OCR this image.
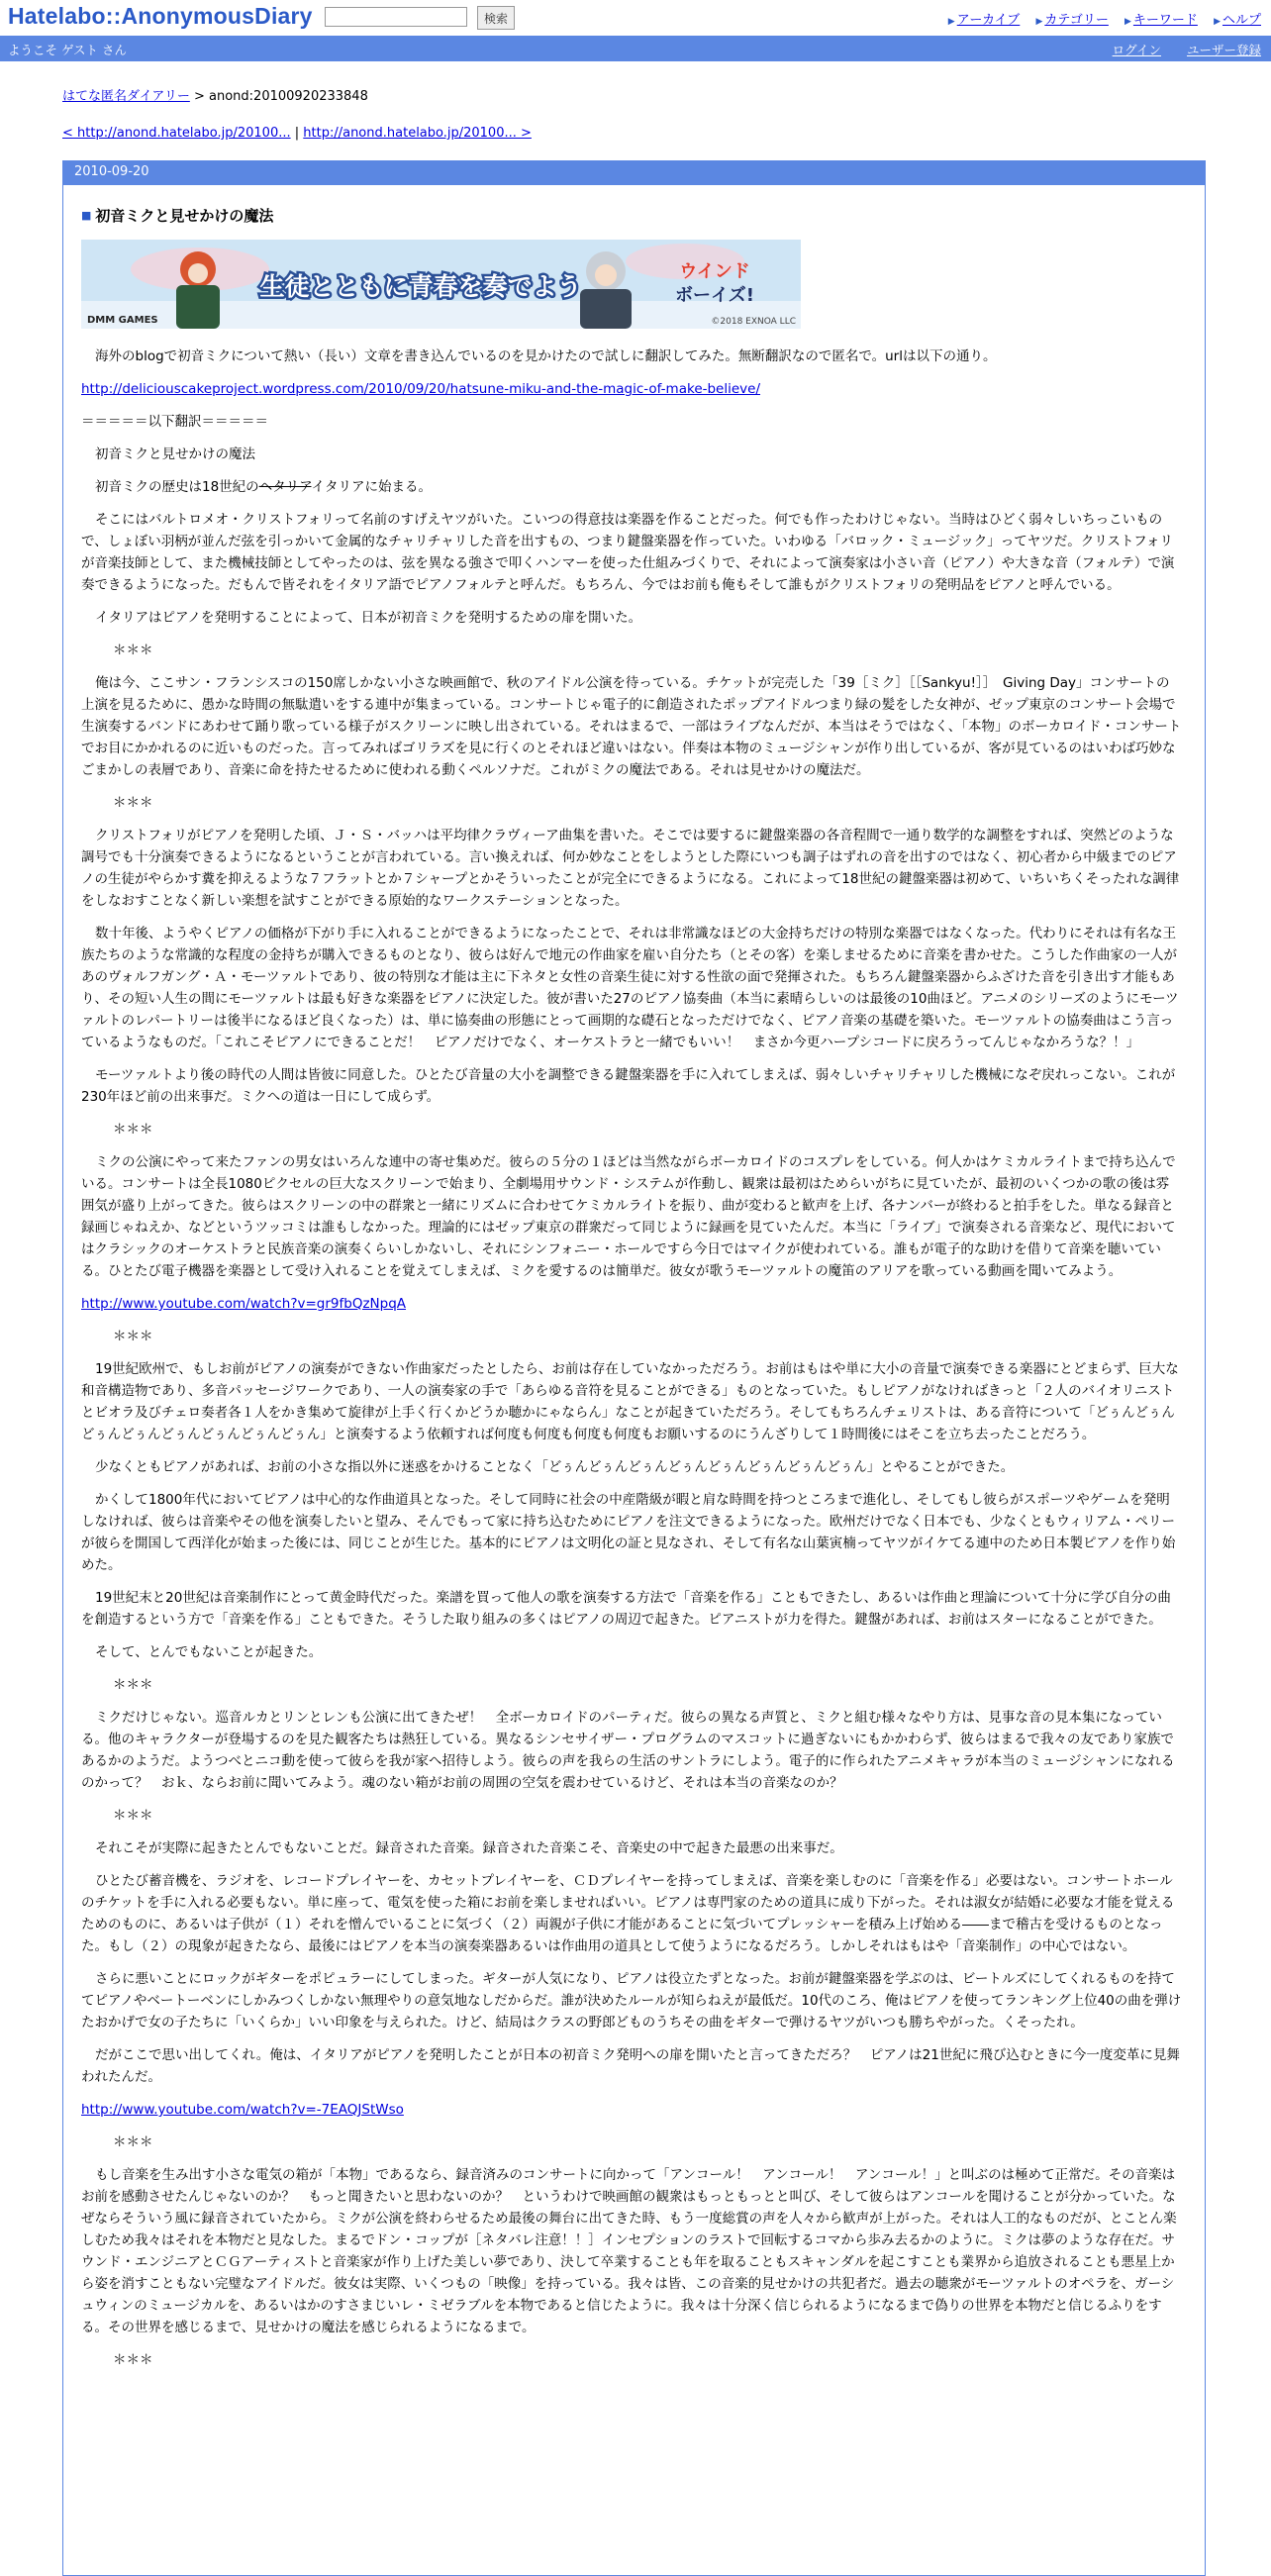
Hatelabo::AnonymousDiary	検索	▶ アーカイブ ▶ カテゴリー ▶ キーワード ▶ ヘルプ
ようこそ ゲスト さん	ログイン ユーザー登録
はてな匿名ダイアリー > anond:20100920233848
< http://anond.hatelabo.jp/20100... | http://anond.hatelabo.jp/20100... >
2010-09-20
■ 初音ミクと見せかけの魔法
生徒とともに青春を奏でよう
ウインド
ボーイズ!
DMM GAMES	©2018 EXNOA LLC
海外のblogで初音ミクについて熱い（長い）文章を書き込んでいるのを見かけたので試しに翻訳してみた。無断翻訳なので匿名で。urlは以下の通り。
http://deliciouscakeproject.wordpress.com/2010/09/20/hatsune-miku-and-the-magic-of-make-believe/
＝＝＝＝＝以下翻訳＝＝＝＝＝
初音ミクと見せかけの魔法
初音ミクの歴史は18世紀のヘタリアイタリアに始まる。
そこにはバルトロメオ・クリストフォリって名前のすげえヤツがいた。こいつの得意技は楽器を作ることだった。何でも作ったわけじゃない。当時はひどく弱々しいちっこいもので、しょぼい羽柄が並んだ弦を引っかいて金属的なチャリチャリした音を出すもの、つまり鍵盤楽器を作っていた。いわゆる「バロック・ミュージック」ってヤツだ。クリストフォリが音楽技師として、また機械技師としてやったのは、弦を異なる強さで叩くハンマーを使った仕組みづくりで、それによって演奏家は小さい音（ピアノ）や大きな音（フォルテ）で演奏できるようになった。だもんで皆それをイタリア語でピアノフォルテと呼んだ。もちろん、今ではお前も俺もそして誰もがクリストフォリの発明品をピアノと呼んでいる。
イタリアはピアノを発明することによって、日本が初音ミクを発明するための扉を開いた。
＊＊＊
俺は今、ここサン・フランシスコの150席しかない小さな映画館で、秋のアイドル公演を待っている。チケットが完売した「39［ミク］［［Sankyu!］］　Giving Day」コンサートの上演を見るために、愚かな時間の無駄遣いをする連中が集まっている。コンサートじゃ電子的に創造されたポップアイドルつまり緑の髪をした女神が、ゼップ東京のコンサート会場で生演奏するバンドにあわせて踊り歌っている様子がスクリーンに映し出されている。それはまるで、一部はライブなんだが、本当はそうではなく、「本物」のボーカロイド・コンサートでお目にかかれるのに近いものだった。言ってみればゴリラズを見に行くのとそれほど違いはない。伴奏は本物のミュージシャンが作り出しているが、客が見ているのはいわば巧妙なごまかしの表層であり、音楽に命を持たせるために使われる動くペルソナだ。これがミクの魔法である。それは見せかけの魔法だ。
＊＊＊
クリストフォリがピアノを発明した頃、Ｊ・Ｓ・バッハは平均律クラヴィーア曲集を書いた。そこでは要するに鍵盤楽器の各音程間で一通り数学的な調整をすれば、突然どのような調号でも十分演奏できるようになるということが言われている。言い換えれば、何か妙なことをしようとした際にいつも調子はずれの音を出すのではなく、初心者から中級までのピアノの生徒がやらかす糞を抑えるような７フラットとか７シャープとかそういったことが完全にできるようになる。これによって18世紀の鍵盤楽器は初めて、いちいちくそったれな調律をしなおすことなく新しい楽想を試すことができる原始的なワークステーションとなった。
数十年後、ようやくピアノの価格が下がり手に入れることができるようになったことで、それは非常識なほどの大金持ちだけの特別な楽器ではなくなった。代わりにそれは有名な王族たちのような常識的な程度の金持ちが購入できるものとなり、彼らは好んで地元の作曲家を雇い自分たち（とその客）を楽しませるために音楽を書かせた。こうした作曲家の一人があのヴォルフガング・Ａ・モーツァルトであり、彼の特別な才能は主に下ネタと女性の音楽生徒に対する性欲の面で発揮された。もちろん鍵盤楽器からふざけた音を引き出す才能もあり、その短い人生の間にモーツァルトは最も好きな楽器をピアノに決定した。彼が書いた27のピアノ協奏曲（本当に素晴らしいのは最後の10曲ほど。アニメのシリーズのようにモーツァルトのレパートリーは後半になるほど良くなった）は、単に協奏曲の形態にとって画期的な礎石となっただけでなく、ピアノ音楽の基礎を築いた。モーツァルトの協奏曲はこう言っているようなものだ。「これこそピアノにできることだ！　ピアノだけでなく、オーケストラと一緒でもいい！　まさか今更ハープシコードに戻ろうってんじゃなかろうな？！」
モーツァルトより後の時代の人間は皆彼に同意した。ひとたび音量の大小を調整できる鍵盤楽器を手に入れてしまえば、弱々しいチャリチャリした機械になぞ戻れっこない。これが230年ほど前の出来事だ。ミクへの道は一日にして成らず。
＊＊＊
ミクの公演にやって来たファンの男女はいろんな連中の寄せ集めだ。彼らの５分の１ほどは当然ながらボーカロイドのコスプレをしている。何人かはケミカルライトまで持ち込んでいる。コンサートは全長1080ピクセルの巨大なスクリーンで始まり、全劇場用サウンド・システムが作動し、観衆は最初はためらいがちに見ていたが、最初のいくつかの歌の後は雰囲気が盛り上がってきた。彼らはスクリーンの中の群衆と一緒にリズムに合わせてケミカルライトを振り、曲が変わると歓声を上げ、各ナンバーが終わると拍手をした。単なる録音と録画じゃねえか、などというツッコミは誰もしなかった。理論的にはゼップ東京の群衆だって同じように録画を見ていたんだ。本当に「ライブ」で演奏される音楽など、現代においてはクラシックのオーケストラと民族音楽の演奏くらいしかないし、それにシンフォニー・ホールですら今日ではマイクが使われている。誰もが電子的な助けを借りて音楽を聴いている。ひとたび電子機器を楽器として受け入れることを覚えてしまえば、ミクを愛するのは簡単だ。彼女が歌うモーツァルトの魔笛のアリアを歌っている動画を聞いてみよう。
http://www.youtube.com/watch?v=gr9fbQzNpqA
＊＊＊
19世紀欧州で、もしお前がピアノの演奏ができない作曲家だったとしたら、お前は存在していなかっただろう。お前はもはや単に大小の音量で演奏できる楽器にとどまらず、巨大な和音構造物であり、多音パッセージワークであり、一人の演奏家の手で「あらゆる音符を見ることができる」ものとなっていた。もしピアノがなければきっと「２人のバイオリニストとビオラ及びチェロ奏者各１人をかき集めて旋律が上手く行くかどうか聴かにゃならん」なことが起きていただろう。そしてもちろんチェリストは、ある音符について「どぅんどぅんどぅんどぅんどぅんどぅんどぅんどぅん」と演奏するよう依頼すれば何度も何度も何度も何度もお願いするのにうんざりして１時間後にはそこを立ち去ったことだろう。
少なくともピアノがあれば、お前の小さな指以外に迷惑をかけることなく「どぅんどぅんどぅんどぅんどぅんどぅんどぅんどぅん」とやることができた。
かくして1800年代においてピアノは中心的な作曲道具となった。そして同時に社会の中産階級が暇と肩な時間を持つところまで進化し、そしてもし彼らがスポーツやゲームを発明しなければ、彼らは音楽やその他を演奏したいと望み、そんでもって家に持ち込むためにピアノを注文できるようになった。欧州だけでなく日本でも、少なくともウィリアム・ペリーが彼らを開国して西洋化が始まった後には、同じことが生じた。基本的にピアノは文明化の証と見なされ、そして有名な山葉寅楠ってヤツがイケてる連中のため日本製ピアノを作り始めた。
19世紀末と20世紀は音楽制作にとって黄金時代だった。楽譜を買って他人の歌を演奏する方法で「音楽を作る」こともできたし、あるいは作曲と理論について十分に学び自分の曲を創造するという方で「音楽を作る」こともできた。そうした取り組みの多くはピアノの周辺で起きた。ピアニストが力を得た。鍵盤があれば、お前はスターになることができた。
そして、とんでもないことが起きた。
＊＊＊
ミクだけじゃない。巡音ルカとリンとレンも公演に出てきたぜ！　全ボーカロイドのパーティだ。彼らの異なる声質と、ミクと組む様々なやり方は、見事な音の見本集になっている。他のキャラクターが登場するのを見た観客たちは熱狂している。異なるシンセサイザー・プログラムのマスコットに過ぎないにもかかわらず、彼らはまるで我々の友であり家族であるかのようだ。ようつべとニコ動を使って彼らを我が家へ招待しよう。彼らの声を我らの生活のサントラにしよう。電子的に作られたアニメキャラが本当のミュージシャンになれるのかって？　おｋ、ならお前に聞いてみよう。魂のない箱がお前の周囲の空気を震わせているけど、それは本当の音楽なのか？
＊＊＊
それこそが実際に起きたとんでもないことだ。録音された音楽。録音された音楽こそ、音楽史の中で起きた最悪の出来事だ。
ひとたび蓄音機を、ラジオを、レコードプレイヤーを、カセットプレイヤーを、ＣＤプレイヤーを持ってしまえば、音楽を楽しむのに「音楽を作る」必要はない。コンサートホールのチケットを手に入れる必要もない。単に座って、電気を使った箱にお前を楽しませればいい。ピアノは専門家のための道具に成り下がった。それは淑女が結婚に必要な才能を覚えるためのものに、あるいは子供が（１）それを憎んでいることに気づく（２）両親が子供に才能があることに気づいてプレッシャーを積み上げ始める――まで稽古を受けるものとなった。もし（２）の現象が起きたなら、最後にはピアノを本当の演奏楽器あるいは作曲用の道具として使うようになるだろう。しかしそれはもはや「音楽制作」の中心ではない。
さらに悪いことにロックがギターをポピュラーにしてしまった。ギターが人気になり、ピアノは役立たずとなった。お前が鍵盤楽器を学ぶのは、ビートルズにしてくれるものを持ててピアノやベートーベンにしかみつくしかない無理やりの意気地なしだからだ。誰が決めたルールが知らねえが最低だ。10代のころ、俺はピアノを使ってランキング上位40の曲を弾けたおかげで女の子たちに「いくらか」いい印象を与えられた。けど、結局はクラスの野郎どものうちその曲をギターで弾けるヤツがいつも勝ちやがった。くそったれ。
だがここで思い出してくれ。俺は、イタリアがピアノを発明したことが日本の初音ミク発明への扉を開いたと言ってきただろ？　ピアノは21世紀に飛び込むときに今一度変革に見舞われたんだ。
http://www.youtube.com/watch?v=-7EAQJStWso
＊＊＊
もし音楽を生み出す小さな電気の箱が「本物」であるなら、録音済みのコンサートに向かって「アンコール！　アンコール！　アンコール！」と叫ぶのは極めて正常だ。その音楽はお前を感動させたんじゃないのか？　もっと聞きたいと思わないのか？　というわけで映画館の観衆はもっともっとと叫び、そして彼らはアンコールを聞けることが分かっていた。なぜならそういう風に録音されていたから。ミクが公演を終わらせるため最後の舞台に出てきた時、もう一度総賞の声を人々から歓声が上がった。それは人工的なものだが、とことん楽しむため我々はそれを本物だと見なした。まるでドン・コップが［ネタバレ注意！！］インセプションのラストで回転するコマから歩み去るかのように。ミクは夢のような存在だ。サウンド・エンジニアとＣＧアーティストと音楽家が作り上げた美しい夢であり、決して卒業することも年を取ることもスキャンダルを起こすことも業界から追放されることも悪星上から姿を消すこともない完璧なアイドルだ。彼女は実際、いくつもの「映像」を持っている。我々は皆、この音楽的見せかけの共犯者だ。過去の聴衆がモーツァルトのオペラを、ガーシュウィンのミュージカルを、あるいはかのすさまじいレ・ミゼラブルを本物であると信じたように。我々は十分深く信じられるようになるまで偽りの世界を本物だと信じるふりをする。その世界を感じるまで、見せかけの魔法を感じられるようになるまで。
＊＊＊
